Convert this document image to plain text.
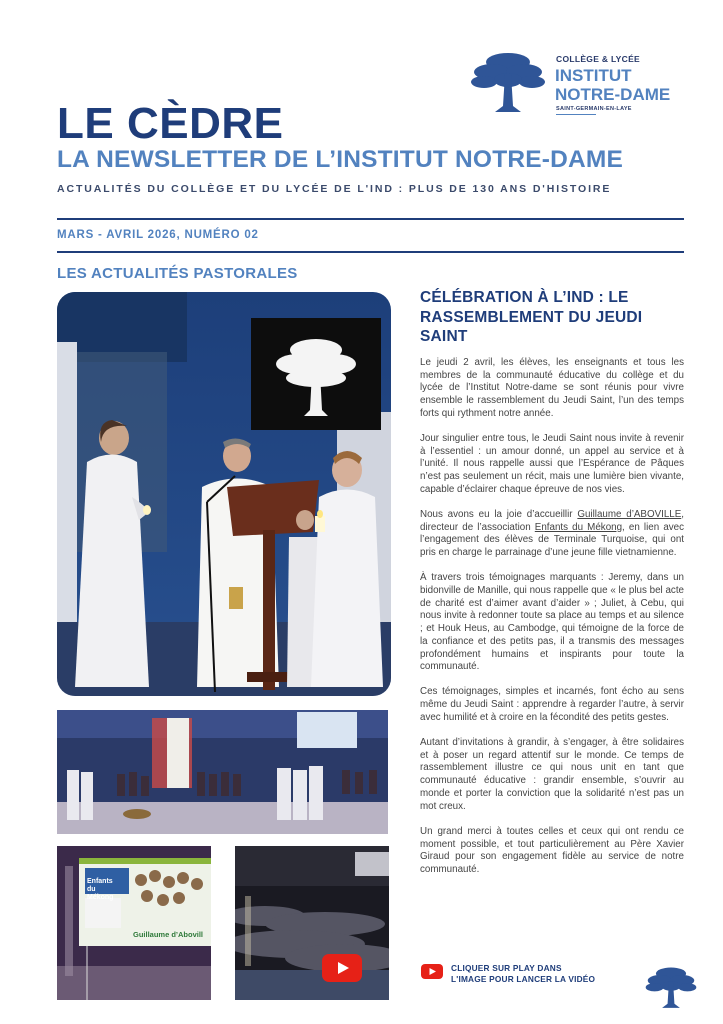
COLLÈGE & LYCÉE
INSTITUT
NOTRE-DAME
SAINT-GERMAIN-EN-LAYE
LE CÈDRE
LA NEWSLETTER DE L’INSTITUT NOTRE-DAME
ACTUALITÉS DU COLLÈGE ET DU LYCÉE DE L'IND : PLUS DE 130 ANS D'HISTOIRE
MARS - AVRIL 2026, NUMÉRO 02
LES ACTUALITÉS PASTORALES
Enfants du Mékong
Guillaume d’Abovill
CÉLÉBRATION À L’IND : LE RASSEMBLEMENT DU JEUDI SAINT

Le jeudi 2 avril, les élèves, les enseignants et tous les membres de la communauté éducative du collège et du lycée de l’Institut Notre-dame se sont réunis pour vivre ensemble le rassemblement du Jeudi Saint, l’un des temps forts qui rythment notre année.

Jour singulier entre tous, le Jeudi Saint nous invite à revenir à l’essentiel : un amour donné, un appel au service et à l’unité. Il nous rappelle aussi que l’Espérance de Pâques n’est pas seulement un récit, mais une lumière bien vivante, capable d’éclairer chaque épreuve de nos vies.

Nous avons eu la joie d’accueillir Guillaume d’ABOVILLE, directeur de l’association Enfants du Mékong, en lien avec l’engagement des élèves de Terminale Turquoise, qui ont pris en charge le parrainage d’une jeune fille vietnamienne.

À travers trois témoignages marquants : Jeremy, dans un bidonville de Manille, qui nous rappelle que « le plus bel acte de charité est d’aimer avant d’aider » ; Juliet, à Cebu, qui nous invite à redonner toute sa place au temps et au silence ; et Houk Heus, au Cambodge, qui témoigne de la force de la confiance et des petits pas, il a transmis des messages profondément humains et inspirants pour toute la communauté.

Ces témoignages, simples et incarnés, font écho au sens même du Jeudi Saint : apprendre à regarder l’autre, à servir avec humilité et à croire en la fécondité des petits gestes.

Autant d’invitations à grandir, à s’engager, à être solidaires et à poser un regard attentif sur le monde. Ce temps de rassemblement illustre ce qui nous unit en tant que communauté éducative : grandir ensemble, s’ouvrir au monde et porter la conviction que la solidarité n’est pas un mot creux.

Un grand merci à toutes celles et ceux qui ont rendu ce moment possible, et tout particulièrement au Père Xavier Giraud pour son engagement fidèle au service de notre communauté.

CLIQUER SUR PLAY DANS
L'IMAGE POUR LANCER LA VIDÉO
